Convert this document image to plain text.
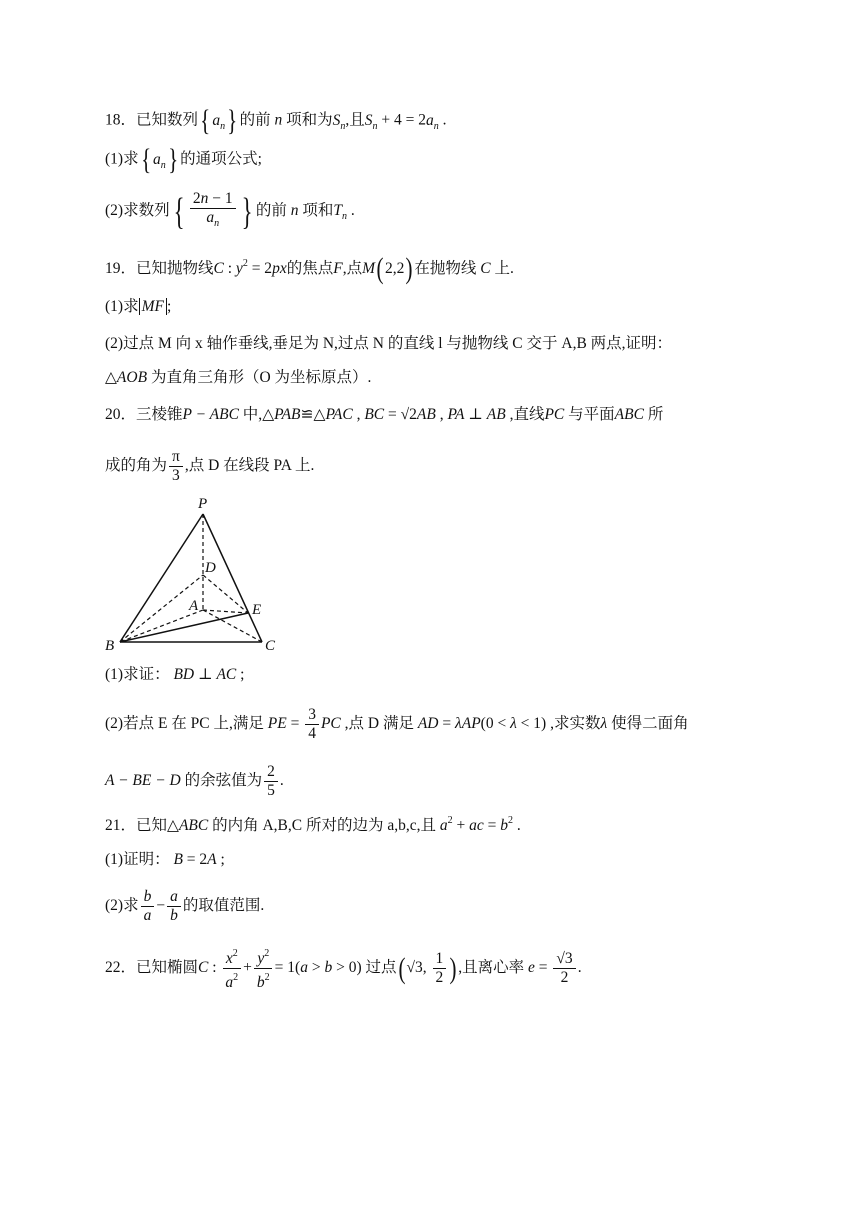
18．已知数列{ $a_n$} 的前 n 项和为$S_n$,且$S_n + 4 = 2a_n$ .
(1)求{ $a_n$} 的通项公式;
(2)求数列{ $\frac{2n - 1}{a_n}$ } 的前 n 项和$T_n$ .
19．已知抛物线C : $y^2 = 2px$的焦点F,点M(2,2)在抛物线 C 上.
(1)求 MF ;
(2)过点 M 向 x 轴作垂线,垂足为 N,过点 N 的直线 l 与抛物线 C 交于 A,B 两点,证明：
△AOB 为直角三角形（O 为坐标原点）.
20．三棱锥P − ABC 中,△PAB≌△PAC , BC = √2AB , PA ⊥ AB ,直线PC 与平面ABC 所
成的角为 $\frac{\pi}{3}$ ,点 D 在线段 PA 上.
P
D
A	E
B	C
(1)求证： BD ⊥ AC ;
(2)若点 E 在 PC 上,满足 PE = $\frac{3}{4}$ PC ,点 D 满足 AD = λAP(0 < λ < 1) ,求实数λ 使得二面角
A − BE − D 的余弦值为 $\frac{2}{5}$ .
21．已知△ABC 的内角 A,B,C 所对的边为 a,b,c,且 $a^2$ + ac = $b^2$ .
(1)证明： B = 2A ;
(2)求 $\frac{b}{a} - \frac{a}{b}$ 的取值范围.
22．已知椭圆C : $\frac{x^2}{a^2} + \frac{y^2}{b^2} = 1(a > b > 0)$ 过点(√3, $\frac{1}{2}$ ),且离心率 $e = \frac{√3}{2}$ .
